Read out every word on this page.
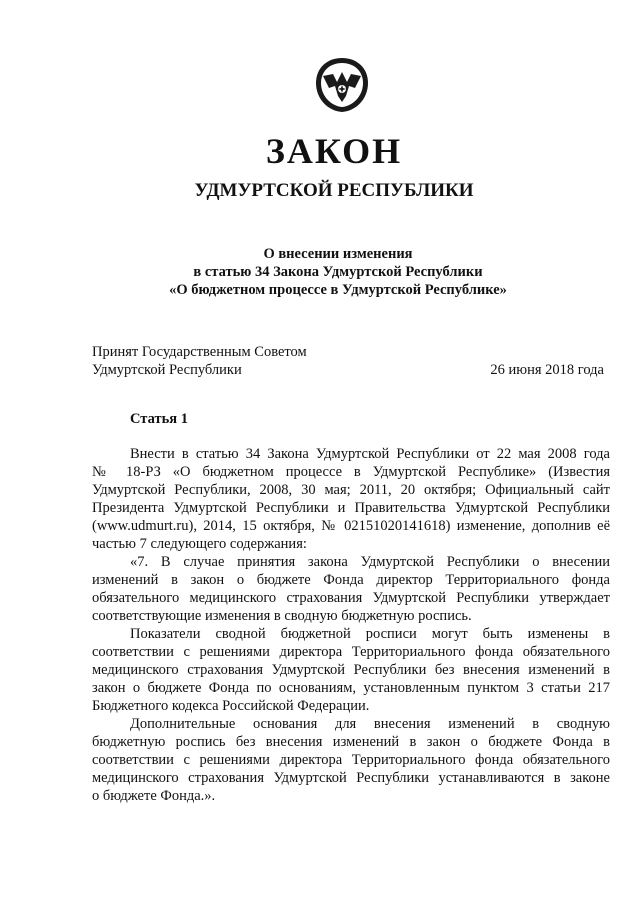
ЗАКОН
УДМУРТСКОЙ РЕСПУБЛИКИ
О внесении изменения
в статью 34 Закона Удмуртской Республики
«О бюджетном процессе в Удмуртской Республике»
Принят Государственным Советом
Удмуртской Республики	26 июня 2018 года
Статья 1
Внести в статью 34 Закона Удмуртской Республики от 22 мая 2008 года
№ 18-РЗ «О бюджетном процессе в Удмуртской Республике» (Известия
Удмуртской Республики, 2008, 30 мая; 2011, 20 октября; Официальный сайт
Президента Удмуртской Республики и Правительства Удмуртской Республики
(www.udmurt.ru), 2014, 15 октября, № 02151020141618) изменение, дополнив её
частью 7 следующего содержания:
«7. В случае принятия закона Удмуртской Республики о внесении
изменений в закон о бюджете Фонда директор Территориального фонда
обязательного медицинского страхования Удмуртской Республики утверждает
соответствующие изменения в сводную бюджетную роспись.
Показатели сводной бюджетной росписи могут быть изменены в
соответствии с решениями директора Территориального фонда обязательного
медицинского страхования Удмуртской Республики без внесения изменений в
закон о бюджете Фонда по основаниям, установленным пунктом 3 статьи 217
Бюджетного кодекса Российской Федерации.
Дополнительные основания для внесения изменений в сводную
бюджетную роспись без внесения изменений в закон о бюджете Фонда в
соответствии с решениями директора Территориального фонда обязательного
медицинского страхования Удмуртской Республики устанавливаются в законе
о бюджете Фонда.».
